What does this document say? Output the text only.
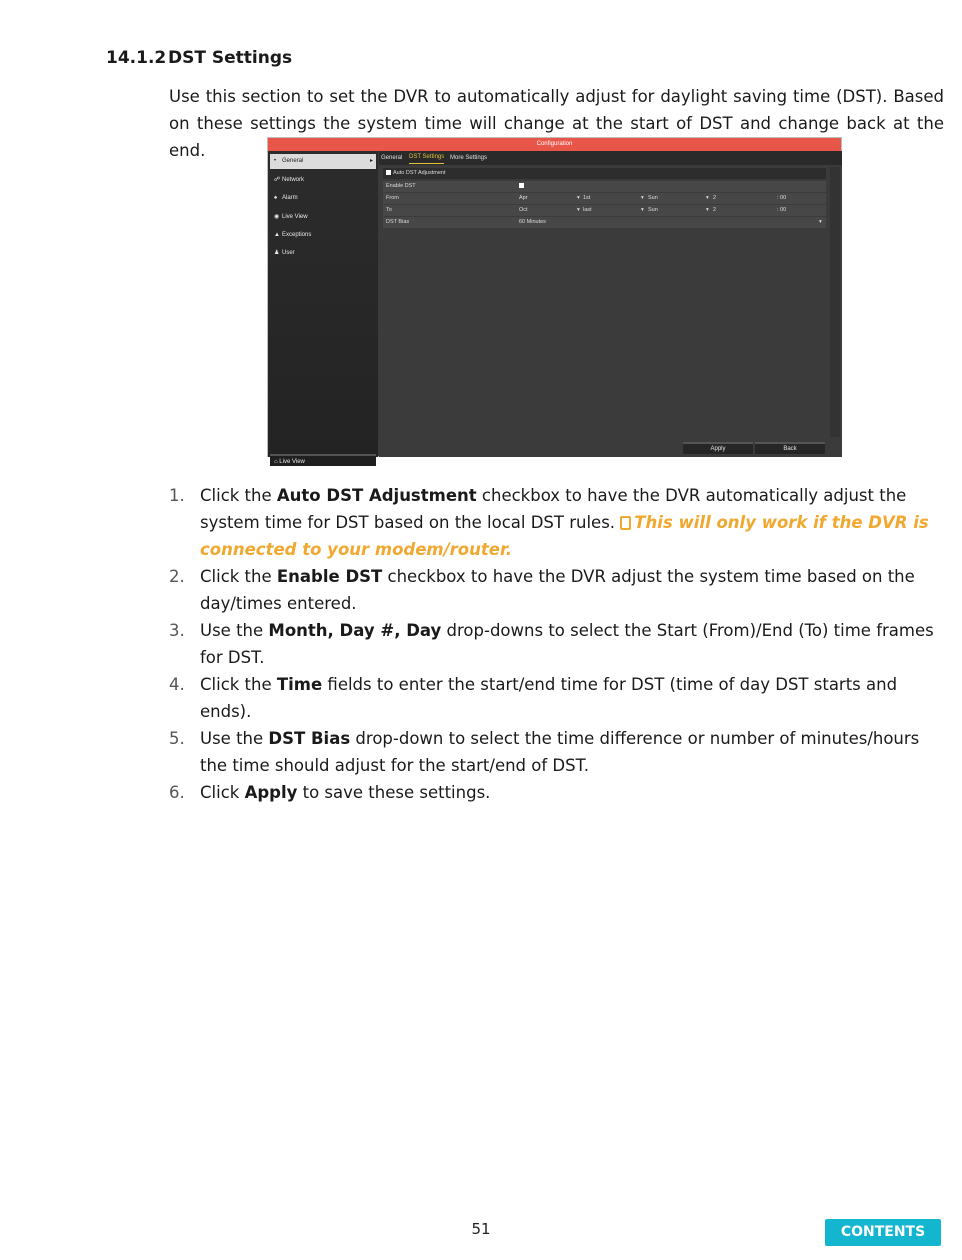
14.1.2 DST Settings

Use this section to set the DVR to automatically adjust for daylight saving time (DST). Based on these settings the system time will change at the start of DST and change back at the end.	Configuration
• General	▸
☍ Network
♠ Alarm
◉ Live View
▲ Exceptions
♟ User
⌂ Live View
General DST Settings More Settings
Auto DST Adjustment
Enable DST
From	Apr	▾ 1st	▾ Sun	▾ 2	: 00
To	Oct	▾ last	▾ Sun	▾ 2	: 00
DST Bias	60 Minutes	▾
Apply	Back
1. Click the Auto DST Adjustment checkbox to have the DVR automatically adjust the system time for DST based on the local DST rules. This will only work if the DVR is connected to your modem/router.
2. Click the Enable DST checkbox to have the DVR adjust the system time based on the day/times entered.
3. Use the Month, Day #, Day drop-downs to select the Start (From)/End (To) time frames for DST.
4. Click the Time fields to enter the start/end time for DST (time of day DST starts and ends).
5. Use the DST Bias drop-down to select the time difference or number of minutes/hours the time should adjust for the start/end of DST.
6. Click Apply to save these settings.
51	CONTENTS
